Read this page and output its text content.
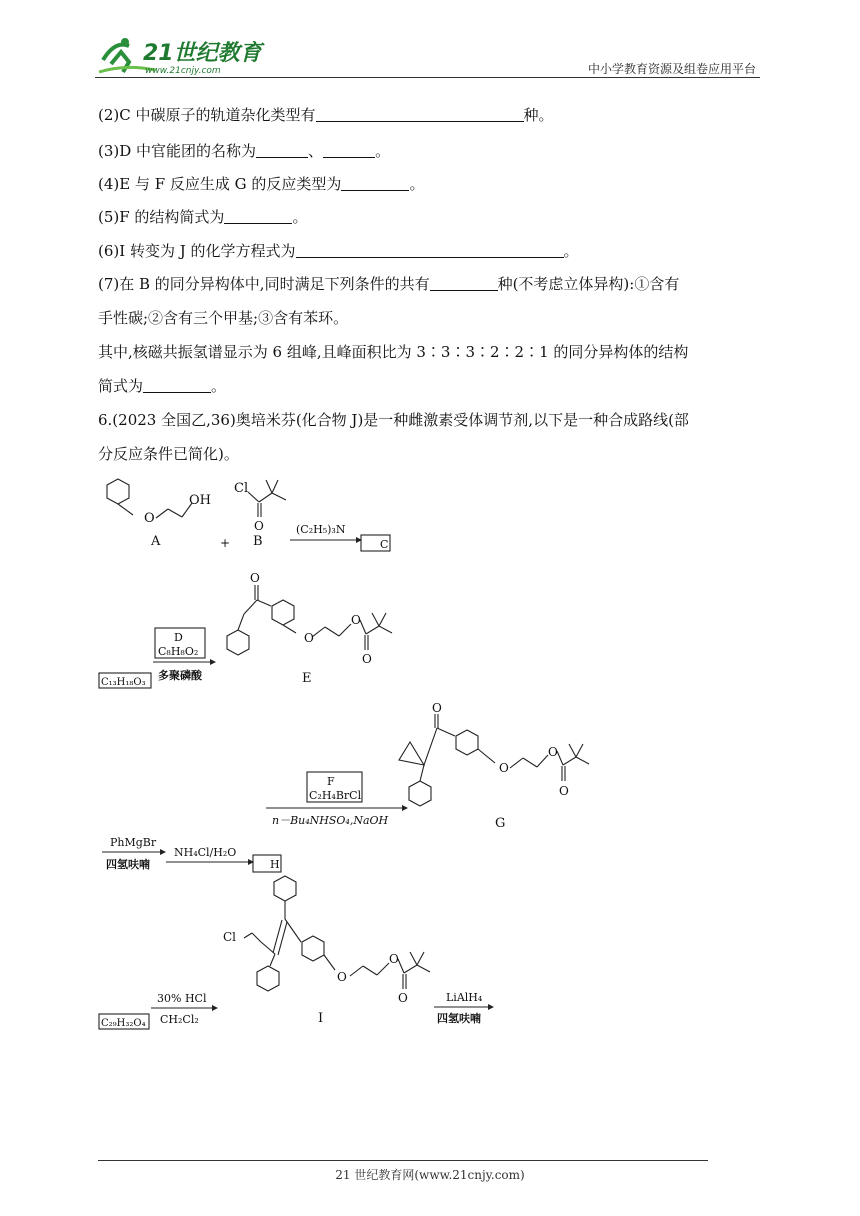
21世纪教育
www.21cnjy.com	中小学教育资源及组卷应用平台
(2)C 中碳原子的轨道杂化类型有	种。
(3)D 中官能团的名称为	、	。
(4)E 与 F 反应生成 G 的反应类型为	。
(5)F 的结构简式为	。
(6)I 转变为 J 的化学方程式为	。
(7)在 B 的同分异构体中,同时满足下列条件的共有	种(不考虑立体异构):①含有
手性碳;②含有三个甲基;③含有苯环。
其中,核磁共振氢谱显示为 6 组峰,且峰面积比为 3∶3∶3∶2∶2∶1 的同分异构体的结构
简式为	。
6.(2023 全国乙,36)奥培米芬(化合物 J)是一种雌激素受体调节剂,以下是一种合成路线(部
分反应条件已简化)。
O
OH
A	+
Cl
O
B
(C₂H₅)₃N
C
D
C₈H₈O₂
多聚磷酸
C₁₃H₁₈O₃
O
O
O
O
E
F
C₂H₄BrCl
n－Bu₄NHSO₄,NaOH
O
O
O
O
G
PhMgBr
四氢呋喃
NH₄Cl/H₂O
H
Cl
O
O
O
I
C₂₉H₃₂O₄
30% HCl
CH₂Cl₂
LiAlH₄
四氢呋喃
21 世纪教育网(www.21cnjy.com)
